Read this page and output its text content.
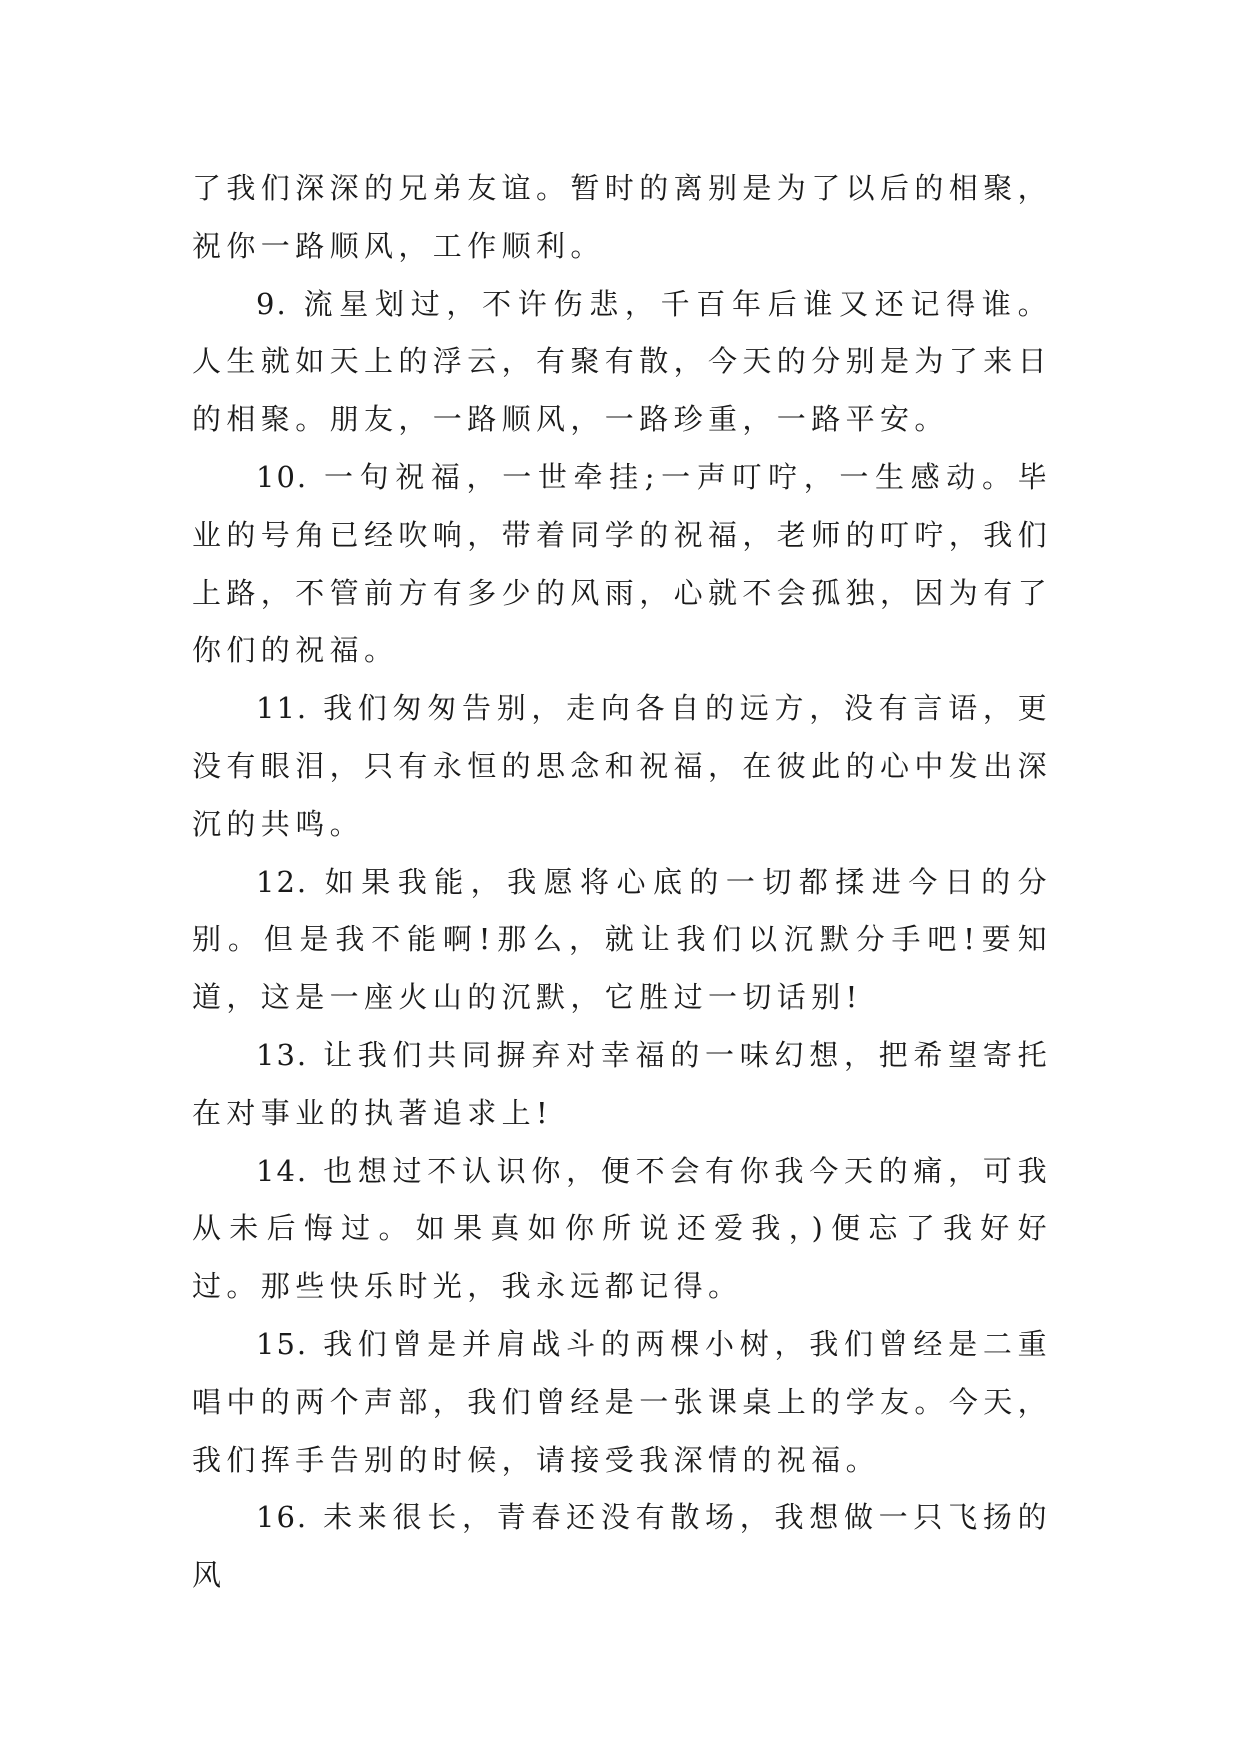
了我们深深的兄弟友谊。暂时的离别是为了以后的相聚，祝你一路顺风，工作顺利。

9. 流星划过，不许伤悲，千百年后谁又还记得谁。人生就如天上的浮云，有聚有散，今天的分别是为了来日的相聚。朋友，一路顺风，一路珍重，一路平安。

10. 一句祝福，一世牵挂;一声叮咛，一生感动。毕业的号角已经吹响，带着同学的祝福，老师的叮咛，我们上路，不管前方有多少的风雨，心就不会孤独，因为有了你们的祝福。

11. 我们匆匆告别，走向各自的远方，没有言语，更没有眼泪，只有永恒的思念和祝福，在彼此的心中发出深沉的共鸣。

12. 如果我能，我愿将心底的一切都揉进今日的分别。但是我不能啊!那么，就让我们以沉默分手吧!要知道，这是一座火山的沉默，它胜过一切话别!

13. 让我们共同摒弃对幸福的一味幻想，把希望寄托在对事业的执著追求上!

14. 也想过不认识你，便不会有你我今天的痛，可我从未后悔过。如果真如你所说还爱我，)便忘了我好好过。那些快乐时光，我永远都记得。

15. 我们曾是并肩战斗的两棵小树，我们曾经是二重唱中的两个声部，我们曾经是一张课桌上的学友。今天，我们挥手告别的时候，请接受我深情的祝福。

16. 未来很长，青春还没有散场，我想做一只飞扬的风
